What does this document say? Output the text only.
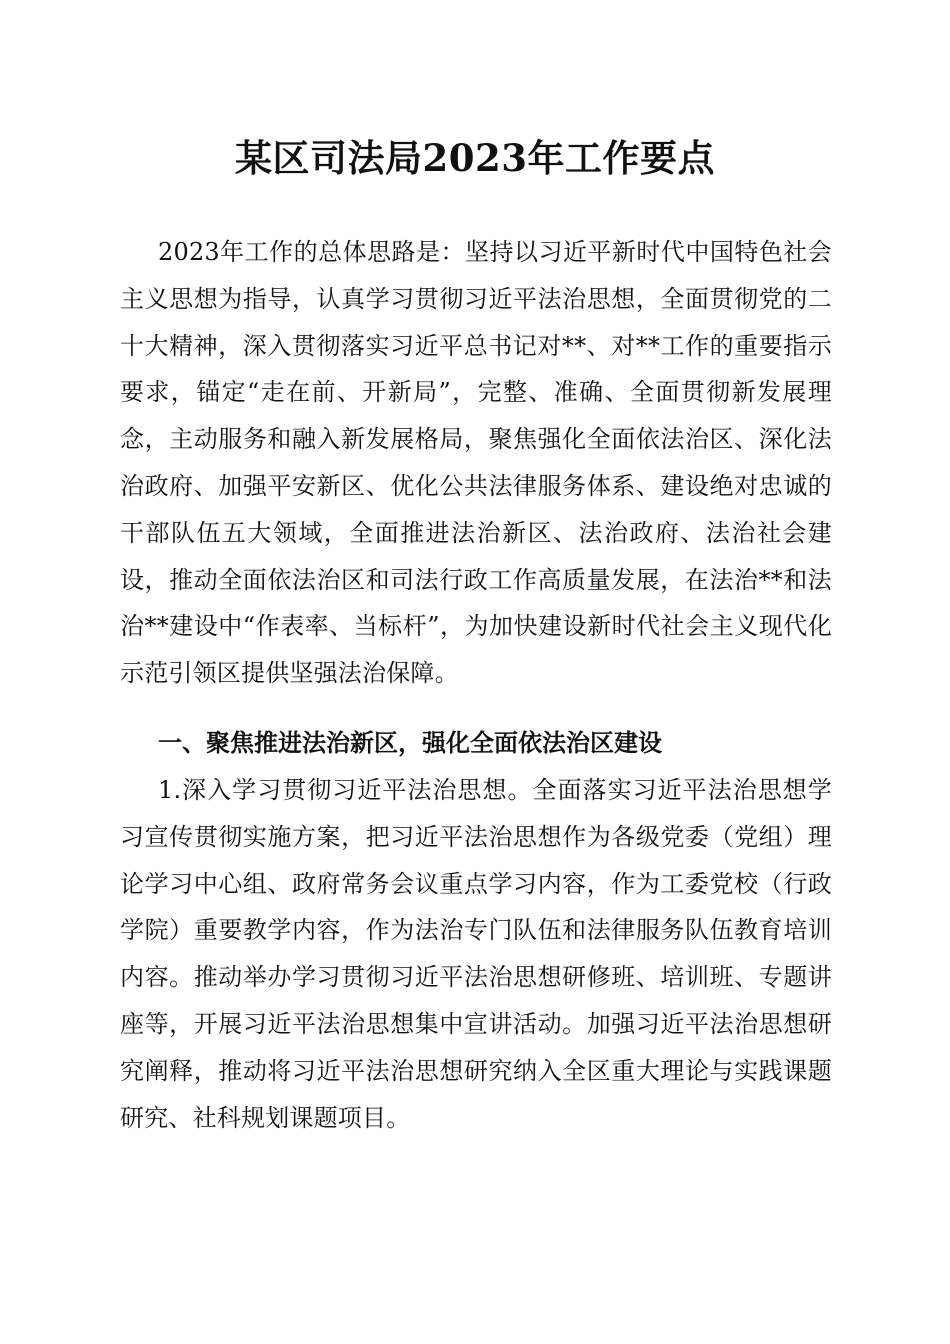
某区司法局2023年工作要点

2023年工作的总体思路是：坚持以习近平新时代中国特色社会主义思想为指导，认真学习贯彻习近平法治思想，全面贯彻党的二十大精神，深入贯彻落实习近平总书记对**、对**工作的重要指示要求，锚定“走在前、开新局”，完整、准确、全面贯彻新发展理念，主动服务和融入新发展格局，聚焦强化全面依法治区、深化法治政府、加强平安新区、优化公共法律服务体系、建设绝对忠诚的干部队伍五大领域，全面推进法治新区、法治政府、法治社会建设，推动全面依法治区和司法行政工作高质量发展，在法治**和法治**建设中“作表率、当标杆”，为加快建设新时代社会主义现代化示范引领区提供坚强法治保障。

一、聚焦推进法治新区，强化全面依法治区建设

1.深入学习贯彻习近平法治思想。全面落实习近平法治思想学习宣传贯彻实施方案，把习近平法治思想作为各级党委（党组）理论学习中心组、政府常务会议重点学习内容，作为工委党校（行政学院）重要教学内容，作为法治专门队伍和法律服务队伍教育培训内容。推动举办学习贯彻习近平法治思想研修班、培训班、专题讲座等，开展习近平法治思想集中宣讲活动。加强习近平法治思想研究阐释，推动将习近平法治思想研究纳入全区重大理论与实践课题研究、社科规划课题项目。
